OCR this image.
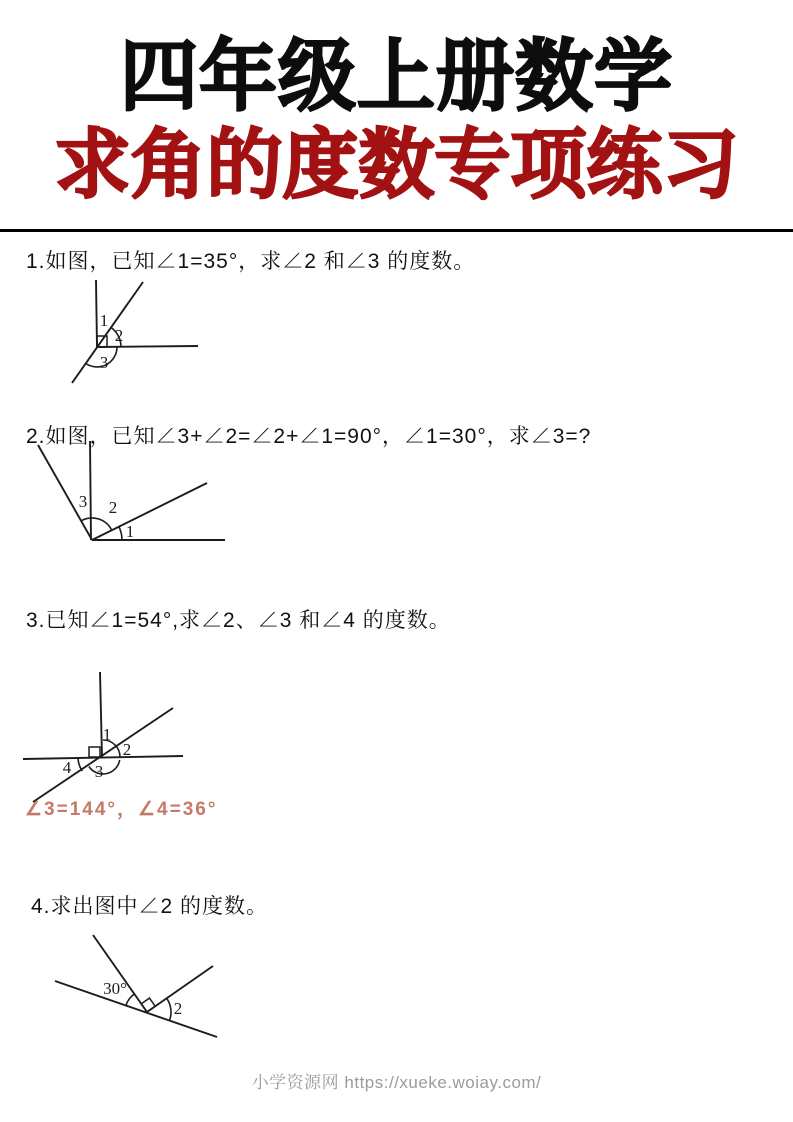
四年级上册数学
求角的度数专项练习
1.如图，已知∠1=35°，求∠2 和∠3 的度数。
1
2
3
2.如图，已知∠3+∠2=∠2+∠1=90°，∠1=30°，求∠3=?
3 2
1
3.已知∠1=54°,求∠2、∠3 和∠4 的度数。
1
2
3
4
∠3=144°，∠4=36°
4.求出图中∠2 的度数。
30°
2
小学资源网 https://xueke.woiay.com/
